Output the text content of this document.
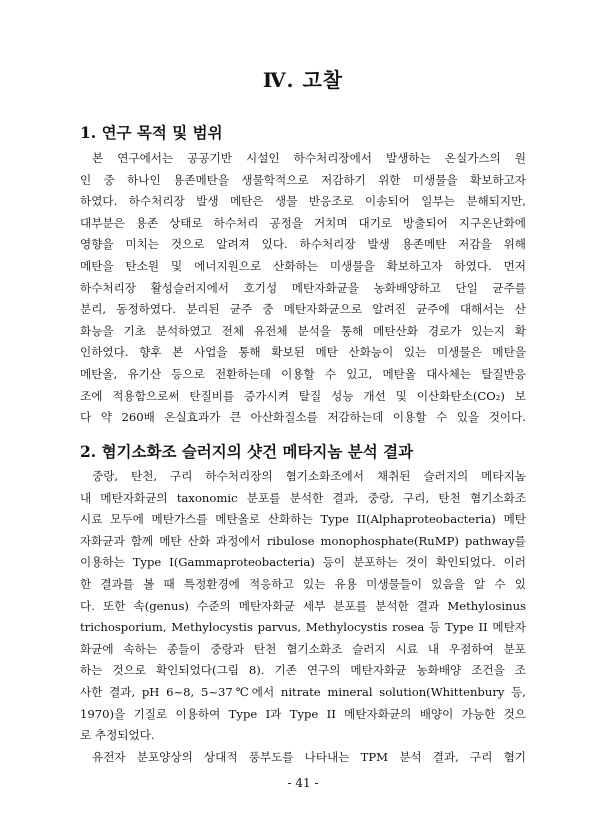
Ⅳ. 고찰
1. 연구 목적 및 범위
본 연구에서는 공공기반 시설인 하수처리장에서 발생하는 온실가스의 원
인 중 하나인 용존메탄을 생물학적으로 저감하기 위한 미생물을 확보하고자
하였다. 하수처리장 발생 메탄은 생물 반응조로 이송되어 일부는 분해되지만,
대부분은 용존 상태로 하수처리 공정을 거치며 대기로 방출되어 지구온난화에
영향을 미치는 것으로 알려져 있다. 하수처리장 발생 용존메탄 저감을 위해
메탄을 탄소원 및 에너지원으로 산화하는 미생물을 확보하고자 하였다. 먼저
하수처리장 활성슬러지에서 호기성 메탄자화균을 농화배양하고 단일 균주를
분리, 동정하였다. 분리된 균주 중 메탄자화균으로 알려진 균주에 대해서는 산
화능을 기초 분석하였고 전체 유전체 분석을 통해 메탄산화 경로가 있는지 확
인하였다. 향후 본 사업을 통해 확보된 메탄 산화능이 있는 미생물은 메탄을
메탄올, 유기산 등으로 전환하는데 이용할 수 있고, 메탄올 대사체는 탈질반응
조에 적용함으로써 탄질비를 증가시켜 탈질 성능 개선 및 이산화탄소(CO₂) 보
다 약 260배 온실효과가 큰 아산화질소를 저감하는데 이용할 수 있을 것이다.
2. 혐기소화조 슬러지의 샷건 메타지놈 분석 결과
중랑, 탄천, 구리 하수처리장의 혐기소화조에서 채취된 슬러지의 메타지놈
내 메탄자화균의 taxonomic 분포를 분석한 결과, 중랑, 구리, 탄천 혐기소화조
시료 모두에 메탄가스를 메탄올로 산화하는 Type II(Alphaproteobacteria) 메탄
자화균과 함께 메탄 산화 과정에서 ribulose monophosphate(RuMP) pathway를
이용하는 Type I(Gammaproteobacteria) 등이 분포하는 것이 확인되었다. 이러
한 결과를 볼 때 특정환경에 적응하고 있는 유용 미생물들이 있음을 알 수 있
다. 또한 속(genus) 수준의 메탄자화균 세부 분포를 분석한 결과 Methylosinus
trichosporium, Methylocystis parvus, Methylocystis rosea 등 Type II 메탄자
화균에 속하는 종들이 중랑과 탄천 혐기소화조 슬러지 시료 내 우점하여 분포
하는 것으로 확인되었다(그림 8). 기존 연구의 메탄자화균 농화배양 조건을 조
사한 결과, pH 6~8, 5~37℃에서 nitrate mineral solution(Whittenbury 등,
1970)을 기질로 이용하여 Type I과 Type II 메탄자화균의 배양이 가능한 것으
로 추정되었다.
유전자 분포양상의 상대적 풍부도를 나타내는 TPM 분석 결과, 구리 혐기
- 41 -
